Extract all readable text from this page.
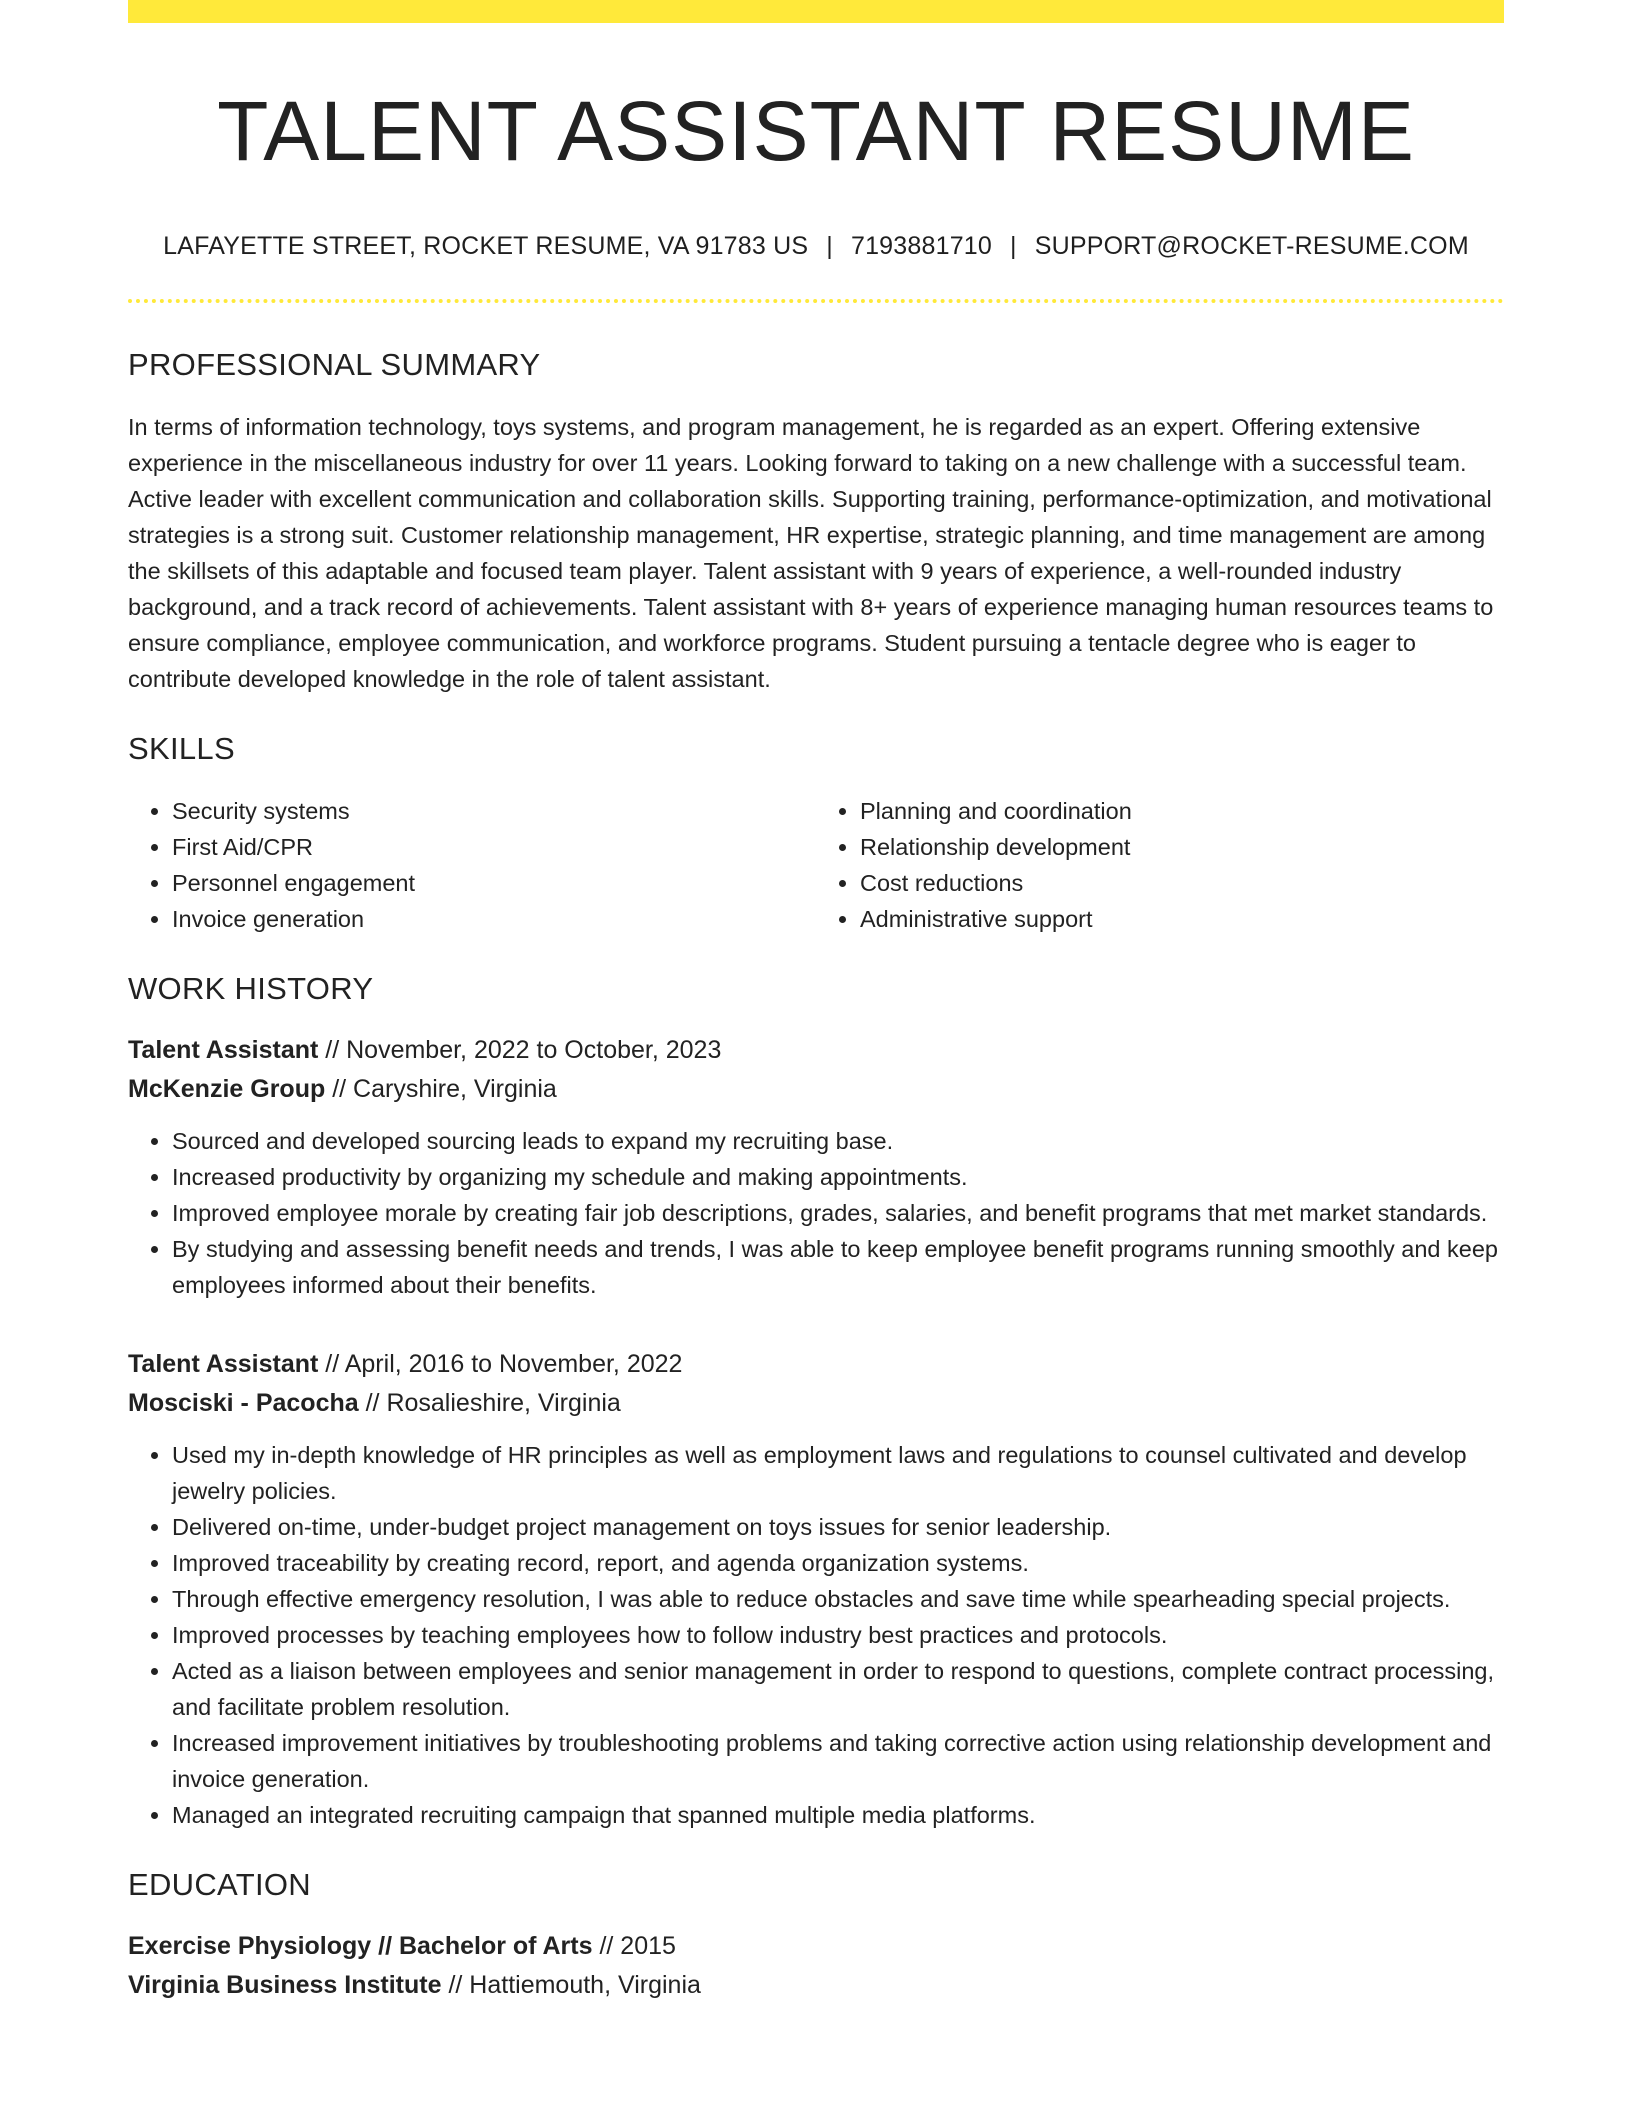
TALENT ASSISTANT RESUME
LAFAYETTE STREET, ROCKET RESUME, VA 91783 US | 7193881710 | SUPPORT@ROCKET-RESUME.COM
PROFESSIONAL SUMMARY

In terms of information technology, toys systems, and program management, he is regarded as an expert. Offering extensive experience in the miscellaneous industry for over 11 years. Looking forward to taking on a new challenge with a successful team. Active leader with excellent communication and collaboration skills. Supporting training, performance-optimization, and motivational strategies is a strong suit. Customer relationship management, HR expertise, strategic planning, and time management are among the skillsets of this adaptable and focused team player. Talent assistant with 9 years of experience, a well-rounded industry background, and a track record of achievements. Talent assistant with 8+ years of experience managing human resources teams to ensure compliance, employee communication, and workforce programs. Student pursuing a tentacle degree who is eager to contribute developed knowledge in the role of talent assistant.

SKILLS
• Security systems
• First Aid/CPR
• Personnel engagement
• Invoice generation
• Planning and coordination
• Relationship development
• Cost reductions
• Administrative support
WORK HISTORY
Talent Assistant // November, 2022 to October, 2023
McKenzie Group // Caryshire, Virginia
• Sourced and developed sourcing leads to expand my recruiting base.
• Increased productivity by organizing my schedule and making appointments.
• Improved employee morale by creating fair job descriptions, grades, salaries, and benefit programs that met market standards.
• By studying and assessing benefit needs and trends, I was able to keep employee benefit programs running smoothly and keep employees informed about their benefits.
Talent Assistant // April, 2016 to November, 2022
Mosciski - Pacocha // Rosalieshire, Virginia
• Used my in-depth knowledge of HR principles as well as employment laws and regulations to counsel cultivated and develop jewelry policies.
• Delivered on-time, under-budget project management on toys issues for senior leadership.
• Improved traceability by creating record, report, and agenda organization systems.
• Through effective emergency resolution, I was able to reduce obstacles and save time while spearheading special projects.
• Improved processes by teaching employees how to follow industry best practices and protocols.
• Acted as a liaison between employees and senior management in order to respond to questions, complete contract processing, and facilitate problem resolution.
• Increased improvement initiatives by troubleshooting problems and taking corrective action using relationship development and invoice generation.
• Managed an integrated recruiting campaign that spanned multiple media platforms.
EDUCATION
Exercise Physiology // Bachelor of Arts // 2015
Virginia Business Institute // Hattiemouth, Virginia
